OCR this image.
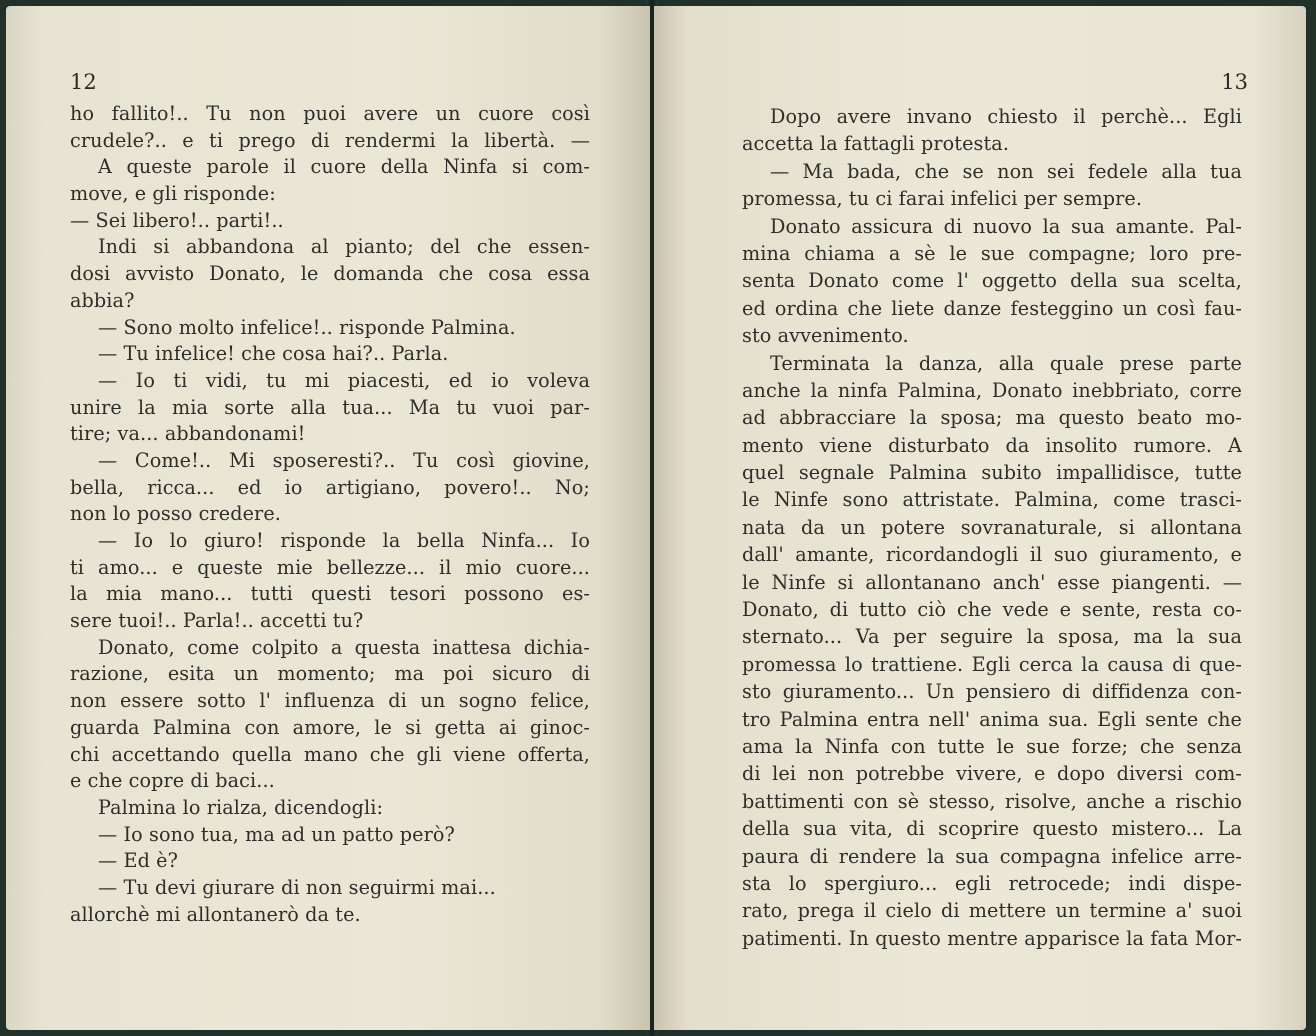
12
ho fallito!.. Tu non puoi avere un cuore così
crudele?.. e ti prego di rendermi la libertà. —
A queste parole il cuore della Ninfa si com-
move, e gli risponde:
— Sei libero!.. parti!..
Indi si abbandona al pianto; del che essen-
dosi avvisto Donato, le domanda che cosa essa
abbia?
— Sono molto infelice!.. risponde Palmina.
— Tu infelice! che cosa hai?.. Parla.
— Io ti vidi, tu mi piacesti, ed io voleva
unire la mia sorte alla tua... Ma tu vuoi par-
tire; va... abbandonami!
— Come!.. Mi sposeresti?.. Tu così giovine,
bella, ricca... ed io artigiano, povero!.. No;
non lo posso credere.
— Io lo giuro! risponde la bella Ninfa... Io
ti amo... e queste mie bellezze... il mio cuore...
la mia mano... tutti questi tesori possono es-
sere tuoi!.. Parla!.. accetti tu?
Donato, come colpito a questa inattesa dichia-
razione, esita un momento; ma poi sicuro di
non essere sotto l' influenza di un sogno felice,
guarda Palmina con amore, le si getta ai ginoc-
chi accettando quella mano che gli viene offerta,
e che copre di baci...
Palmina lo rialza, dicendogli:
— Io sono tua, ma ad un patto però?
— Ed è?
— Tu devi giurare di non seguirmi mai...
allorchè mi allontanerò da te.
13
Dopo avere invano chiesto il perchè... Egli
accetta la fattagli protesta.
— Ma bada, che se non sei fedele alla tua
promessa, tu ci farai infelici per sempre.
Donato assicura di nuovo la sua amante. Pal-
mina chiama a sè le sue compagne; loro pre-
senta Donato come l' oggetto della sua scelta,
ed ordina che liete danze festeggino un così fau-
sto avvenimento.
Terminata la danza, alla quale prese parte
anche la ninfa Palmina, Donato inebbriato, corre
ad abbracciare la sposa; ma questo beato mo-
mento viene disturbato da insolito rumore. A
quel segnale Palmina subito impallidisce, tutte
le Ninfe sono attristate. Palmina, come trasci-
nata da un potere sovranaturale, si allontana
dall' amante, ricordandogli il suo giuramento, e
le Ninfe si allontanano anch' esse piangenti. —
Donato, di tutto ciò che vede e sente, resta co-
sternato... Va per seguire la sposa, ma la sua
promessa lo trattiene. Egli cerca la causa di que-
sto giuramento... Un pensiero di diffidenza con-
tro Palmina entra nell' anima sua. Egli sente che
ama la Ninfa con tutte le sue forze; che senza
di lei non potrebbe vivere, e dopo diversi com-
battimenti con sè stesso, risolve, anche a rischio
della sua vita, di scoprire questo mistero... La
paura di rendere la sua compagna infelice arre-
sta lo spergiuro... egli retrocede; indi dispe-
rato, prega il cielo di mettere un termine a' suoi
patimenti. In questo mentre apparisce la fata Mor-
